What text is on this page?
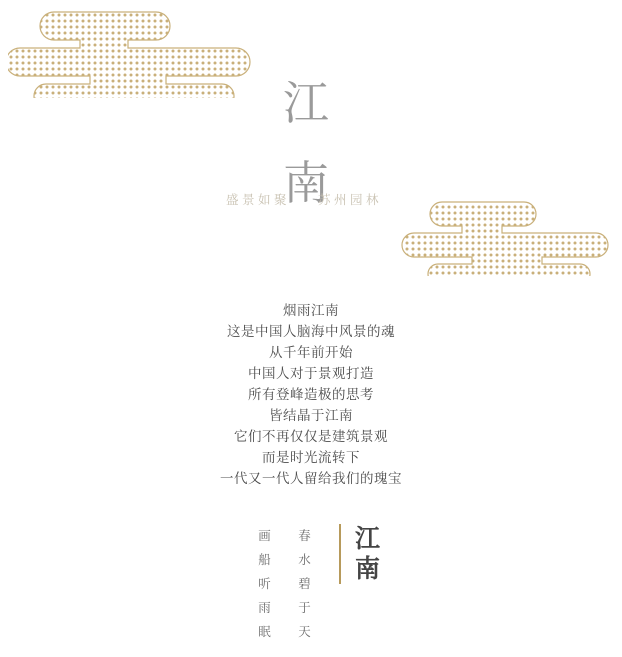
江
南
盛景如聚 苏州园林
烟雨江南
这是中国人脑海中风景的魂
从千年前开始
中国人对于景观打造
所有登峰造极的思考
皆结晶于江南
它们不再仅仅是建筑景观
而是时光流转下
一代又一代人留给我们的瑰宝
江
南
春
水
碧
于
天
画
船
听
雨
眠
